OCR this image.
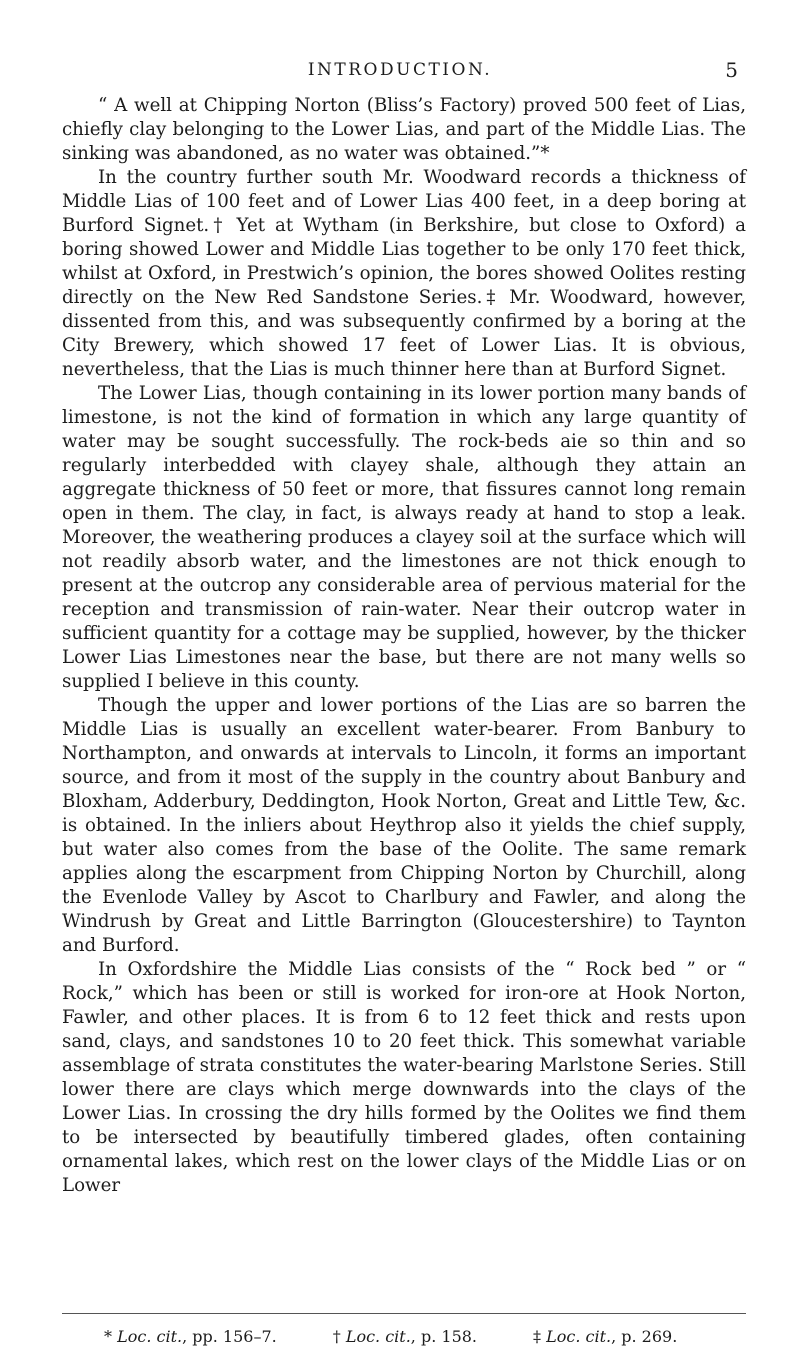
INTRODUCTION.	5

“ A well at Chipping Norton (Bliss’s Factory) proved 500 feet of Lias, chiefly clay belonging to the Lower Lias, and part of the Middle Lias. The sinking was abandoned, as no water was obtained.”*

In the country further south Mr. Woodward records a thickness of Middle Lias of 100 feet and of Lower Lias 400 feet, in a deep boring at Burford Signet.† Yet at Wytham (in Berkshire, but close to Oxford) a boring showed Lower and Middle Lias together to be only 170 feet thick, whilst at Oxford, in Prestwich’s opinion, the bores showed Oolites resting directly on the New Red Sandstone Series.‡ Mr. Woodward, however, dissented from this, and was subsequently confirmed by a boring at the City Brewery, which showed 17 feet of Lower Lias. It is obvious, nevertheless, that the Lias is much thinner here than at Burford Signet.

The Lower Lias, though containing in its lower portion many bands of limestone, is not the kind of formation in which any large quantity of water may be sought successfully. The rock-beds aie so thin and so regularly interbedded with clayey shale, although they attain an aggregate thickness of 50 feet or more, that fissures cannot long remain open in them. The clay, in fact, is always ready at hand to stop a leak. Moreover, the weathering produces a clayey soil at the surface which will not readily absorb water, and the limestones are not thick enough to present at the outcrop any considerable area of pervious material for the reception and transmission of rain-water. Near their outcrop water in sufficient quantity for a cottage may be supplied, however, by the thicker Lower Lias Limestones near the base, but there are not many wells so supplied I believe in this county.

Though the upper and lower portions of the Lias are so barren the Middle Lias is usually an excellent water-bearer. From Banbury to Northampton, and onwards at intervals to Lincoln, it forms an important source, and from it most of the supply in the country about Banbury and Bloxham, Adderbury, Deddington, Hook Norton, Great and Little Tew, &c. is obtained. In the inliers about Heythrop also it yields the chief supply, but water also comes from the base of the Oolite. The same remark applies along the escarpment from Chipping Norton by Churchill, along the Evenlode Valley by Ascot to Charlbury and Fawler, and along the Windrush by Great and Little Barrington (Gloucestershire) to Taynton and Burford.

In Oxfordshire the Middle Lias consists of the “ Rock bed ” or “ Rock,” which has been or still is worked for iron-ore at Hook Norton, Fawler, and other places. It is from 6 to 12 feet thick and rests upon sand, clays, and sandstones 10 to 20 feet thick. This somewhat variable assemblage of strata constitutes the water-bearing Marlstone Series. Still lower there are clays which merge downwards into the clays of the Lower Lias. In crossing the dry hills formed by the Oolites we find them to be intersected by beautifully timbered glades, often containing ornamental lakes, which rest on the lower clays of the Middle Lias or on Lower

* Loc. cit., pp. 156–7.	† Loc. cit., p. 158.	‡ Loc. cit., p. 269.
